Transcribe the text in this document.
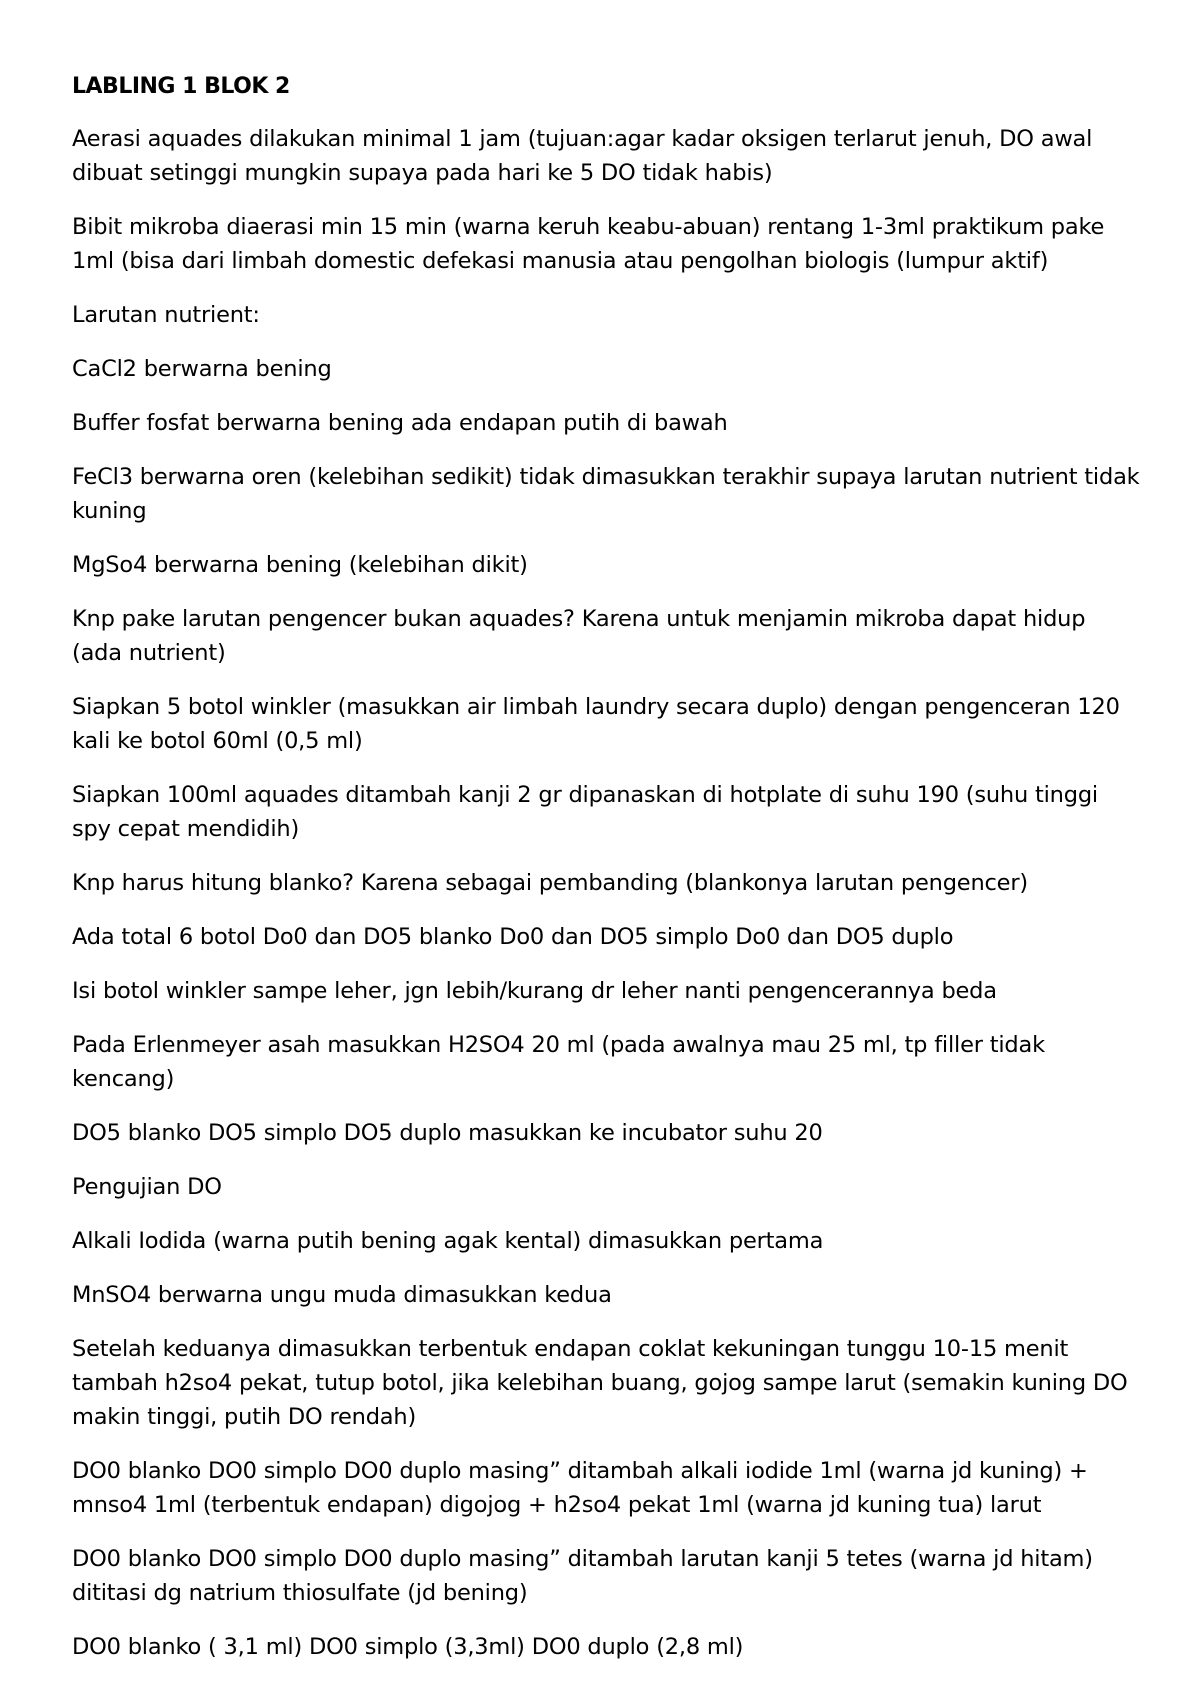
LABLING 1 BLOK 2

Aerasi aquades dilakukan minimal 1 jam (tujuan:agar kadar oksigen terlarut jenuh, DO awal dibuat setinggi mungkin supaya pada hari ke 5 DO tidak habis)

Bibit mikroba diaerasi min 15 min (warna keruh keabu-abuan) rentang 1-3ml praktikum pake 1ml (bisa dari limbah domestic defekasi manusia atau pengolhan biologis (lumpur aktif)

Larutan nutrient:

CaCl2 berwarna bening

Buffer fosfat berwarna bening ada endapan putih di bawah

FeCl3 berwarna oren (kelebihan sedikit) tidak dimasukkan terakhir supaya larutan nutrient tidak kuning

MgSo4 berwarna bening (kelebihan dikit)

Knp pake larutan pengencer bukan aquades? Karena untuk menjamin mikroba dapat hidup (ada nutrient)

Siapkan 5 botol winkler (masukkan air limbah laundry secara duplo) dengan pengenceran 120 kali ke botol 60ml (0,5 ml)

Siapkan 100ml aquades ditambah kanji 2 gr dipanaskan di hotplate di suhu 190 (suhu tinggi spy cepat mendidih)

Knp harus hitung blanko? Karena sebagai pembanding (blankonya larutan pengencer)

Ada total 6 botol Do0 dan DO5 blanko Do0 dan DO5 simplo Do0 dan DO5 duplo

Isi botol winkler sampe leher, jgn lebih/kurang dr leher nanti pengencerannya beda

Pada Erlenmeyer asah masukkan H2SO4 20 ml (pada awalnya mau 25 ml, tp filler tidak kencang)

DO5 blanko DO5 simplo DO5 duplo masukkan ke incubator suhu 20

Pengujian DO

Alkali Iodida (warna putih bening agak kental) dimasukkan pertama

MnSO4 berwarna ungu muda dimasukkan kedua

Setelah keduanya dimasukkan terbentuk endapan coklat kekuningan tunggu 10-15 menit tambah h2so4 pekat, tutup botol, jika kelebihan buang, gojog sampe larut (semakin kuning DO makin tinggi, putih DO rendah)

DO0 blanko DO0 simplo DO0 duplo masing” ditambah alkali iodide 1ml (warna jd kuning) + mnso4 1ml (terbentuk endapan) digojog + h2so4 pekat 1ml (warna jd kuning tua) larut

DO0 blanko DO0 simplo DO0 duplo masing” ditambah larutan kanji 5 tetes (warna jd hitam) dititasi dg natrium thiosulfate (jd bening)

DO0 blanko ( 3,1 ml) DO0 simplo (3,3ml) DO0 duplo (2,8 ml)
